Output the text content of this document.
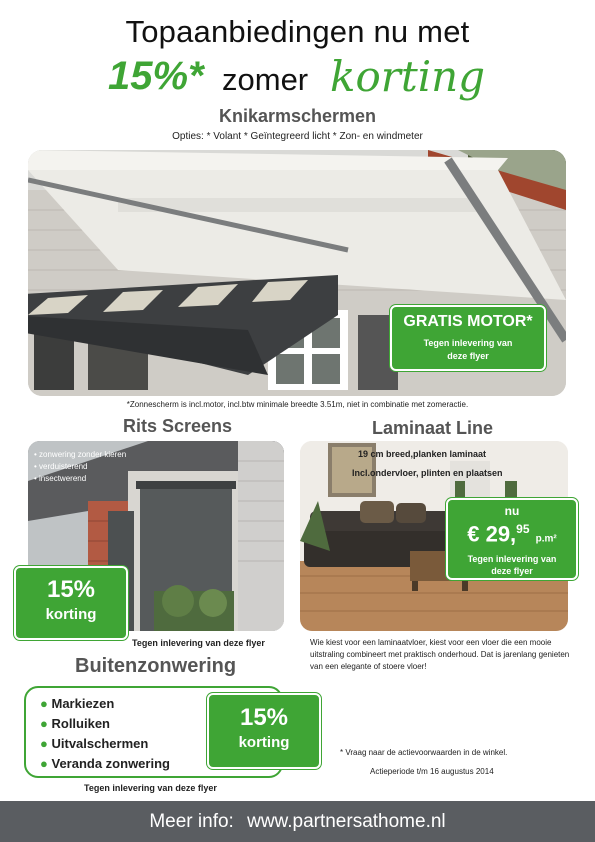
Topaanbiedingen nu met
15%* zomer korting
Knikarmschermen
Opties: * Volant * Geïntegreerd licht * Zon- en windmeter
GRATIS MOTOR*
Tegen inlevering van deze flyer
*Zonnescherm is incl.motor, incl.btw minimale breedte 3.51m, niet in combinatie met zomeractie.
Rits Screens
• zonwering zonder kieren
• verduisterend
• insectwerend
15%
korting
Tegen inlevering van deze flyer
Laminaat Line
19 cm breed,planken laminaat
Incl.ondervloer, plinten en plaatsen
nu
€ 29,95 p.m²
Tegen inlevering van deze flyer
Wie kiest voor een laminaatvloer, kiest voor een vloer die een mooie uitstraling combineert met praktisch onderhoud. Dat is jarenlang genieten van een elegante of stoere vloer!
Buitenzonwering
● Markiezen
● Rolluiken
● Uitvalschermen
● Veranda zonwering
15%
korting
Tegen inlevering van deze flyer
* Vraag naar de actievoorwaarden in de winkel.
Actieperiode t/m 16 augustus 2014
Meer info: www.partnersathome.nl
